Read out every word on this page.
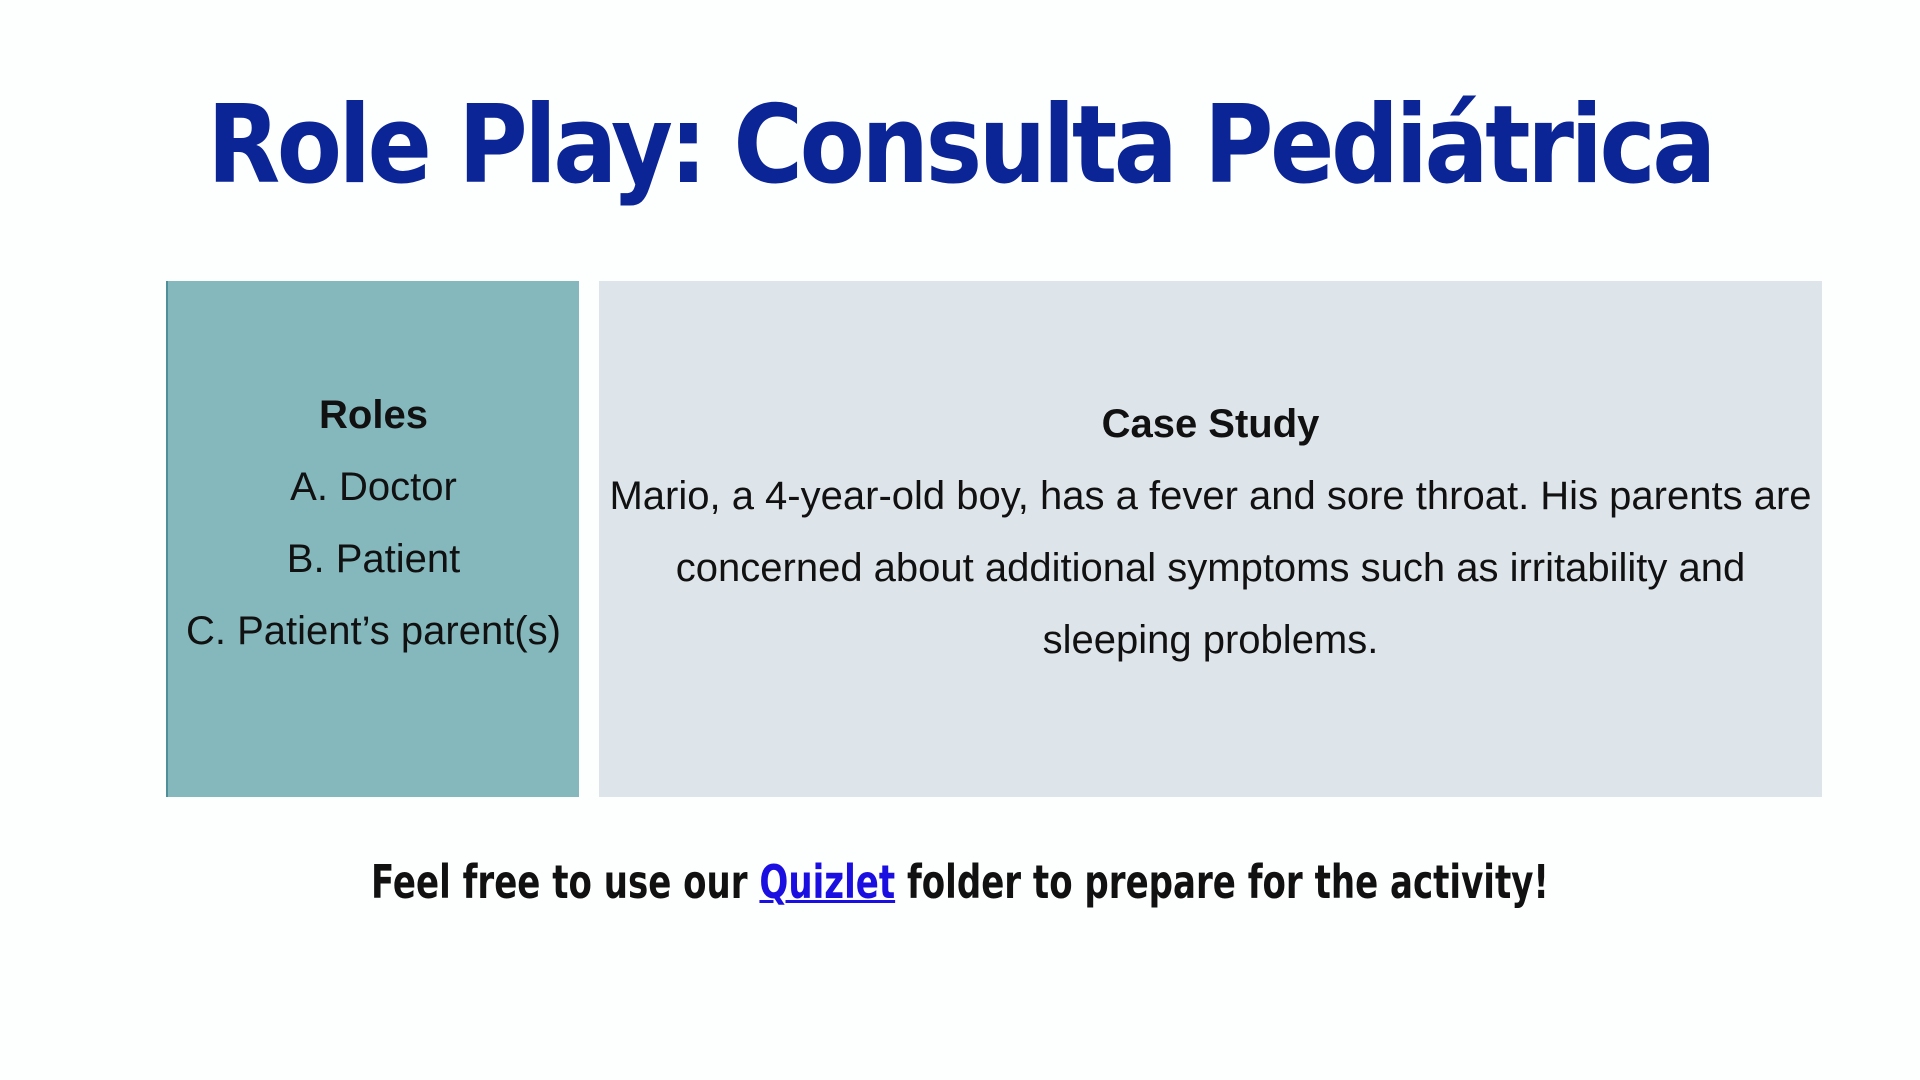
Role Play: Consulta Pediátrica
Roles
A. Doctor
B. Patient
C. Patient’s parent(s)
Case Study
Mario, a 4-year-old boy, has a fever and sore throat. His parents are concerned about additional symptoms such as irritability and sleeping problems.
Feel free to use our Quizlet folder to prepare for the activity!
